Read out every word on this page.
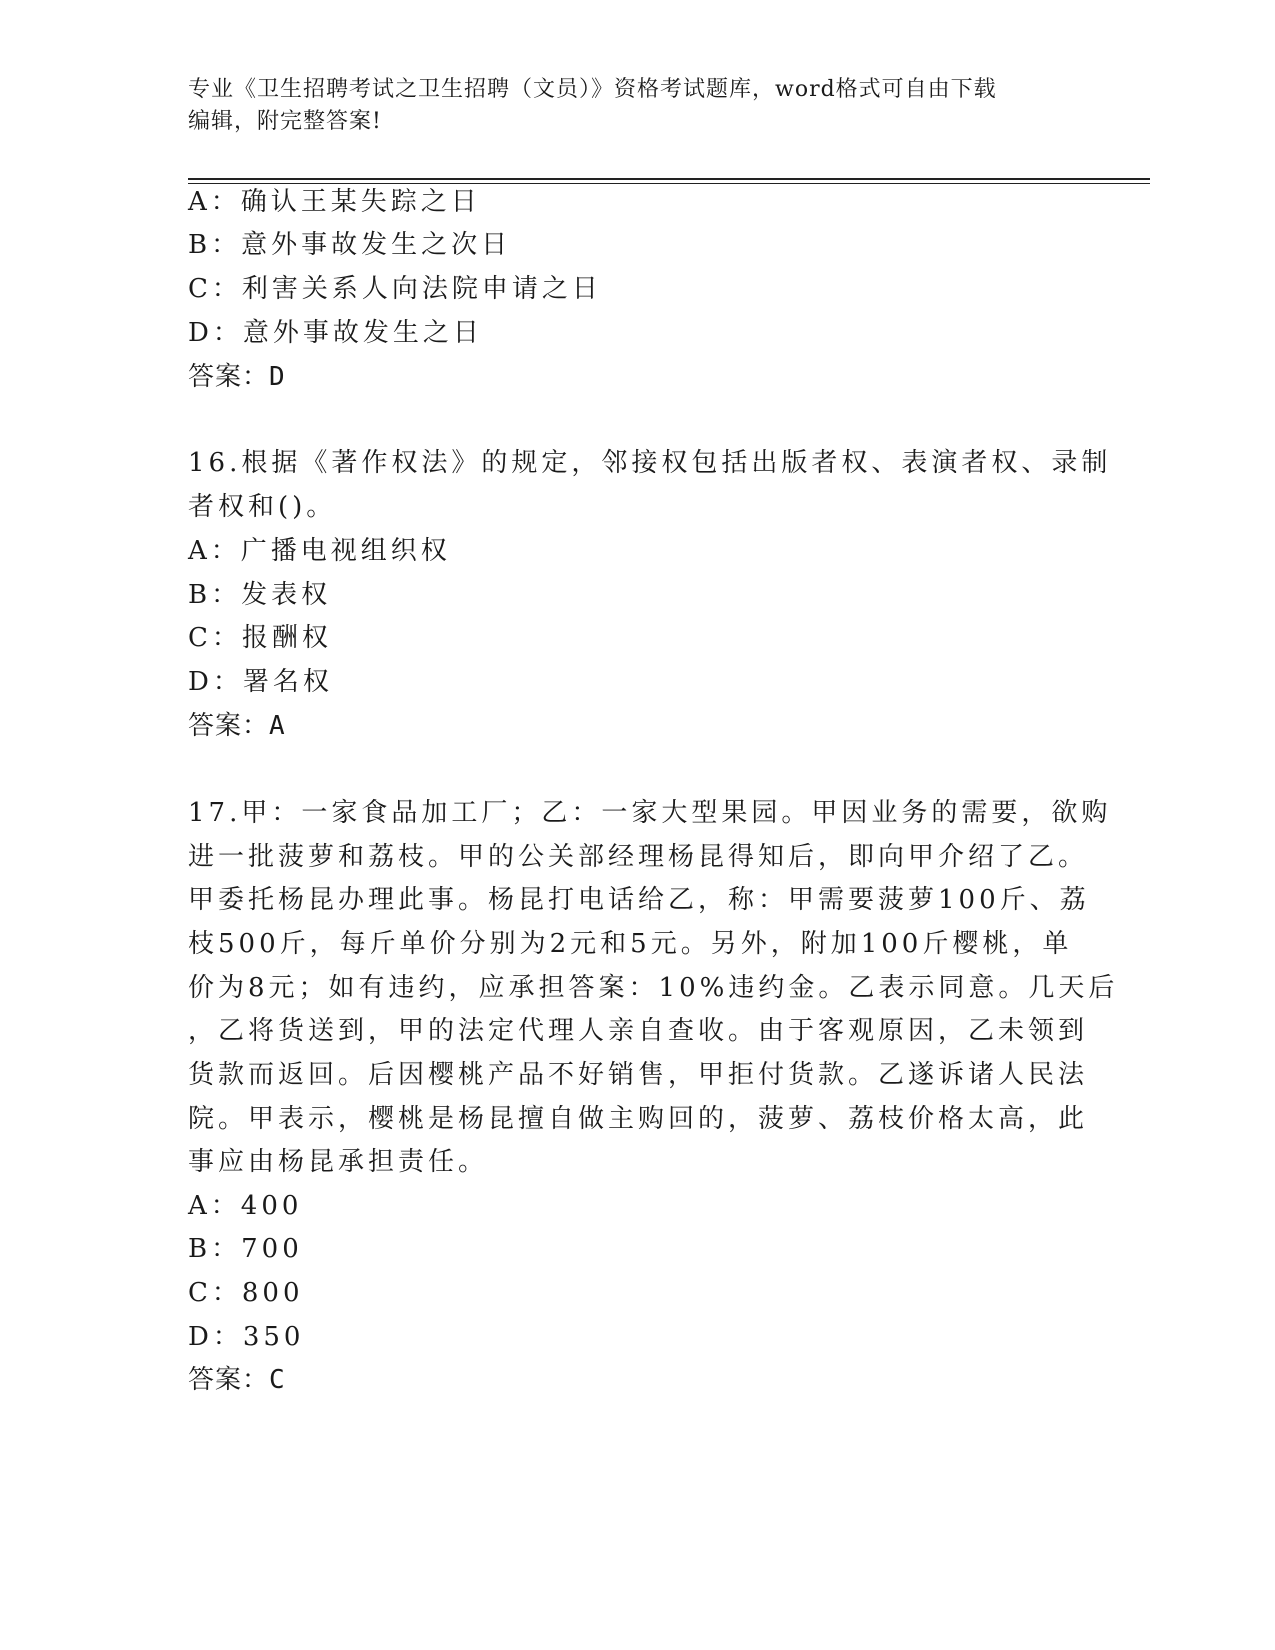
专业《卫生招聘考试之卫生招聘（文员）》资格考试题库，word格式可自由下载
编辑，附完整答案!
A：确认王某失踪之日
B：意外事故发生之次日
C：利害关系人向法院申请之日
D：意外事故发生之日
答案：D
16.根据《著作权法》的规定，邻接权包括出版者权、表演者权、录制
者权和()。
A：广播电视组织权
B：发表权
C：报酬权
D：署名权
答案：A
17.甲：一家食品加工厂；乙：一家大型果园。甲因业务的需要，欲购
进一批菠萝和荔枝。甲的公关部经理杨昆得知后，即向甲介绍了乙。
甲委托杨昆办理此事。杨昆打电话给乙，称：甲需要菠萝100斤、荔
枝500斤，每斤单价分别为2元和5元。另外，附加100斤樱桃，单
价为8元；如有违约，应承担答案：10%违约金。乙表示同意。几天后
，乙将货送到，甲的法定代理人亲自查收。由于客观原因，乙未领到
货款而返回。后因樱桃产品不好销售，甲拒付货款。乙遂诉诸人民法
院。甲表示，樱桃是杨昆擅自做主购回的，菠萝、荔枝价格太高，此
事应由杨昆承担责任。
A：400
B：700
C：800
D：350
答案：C
